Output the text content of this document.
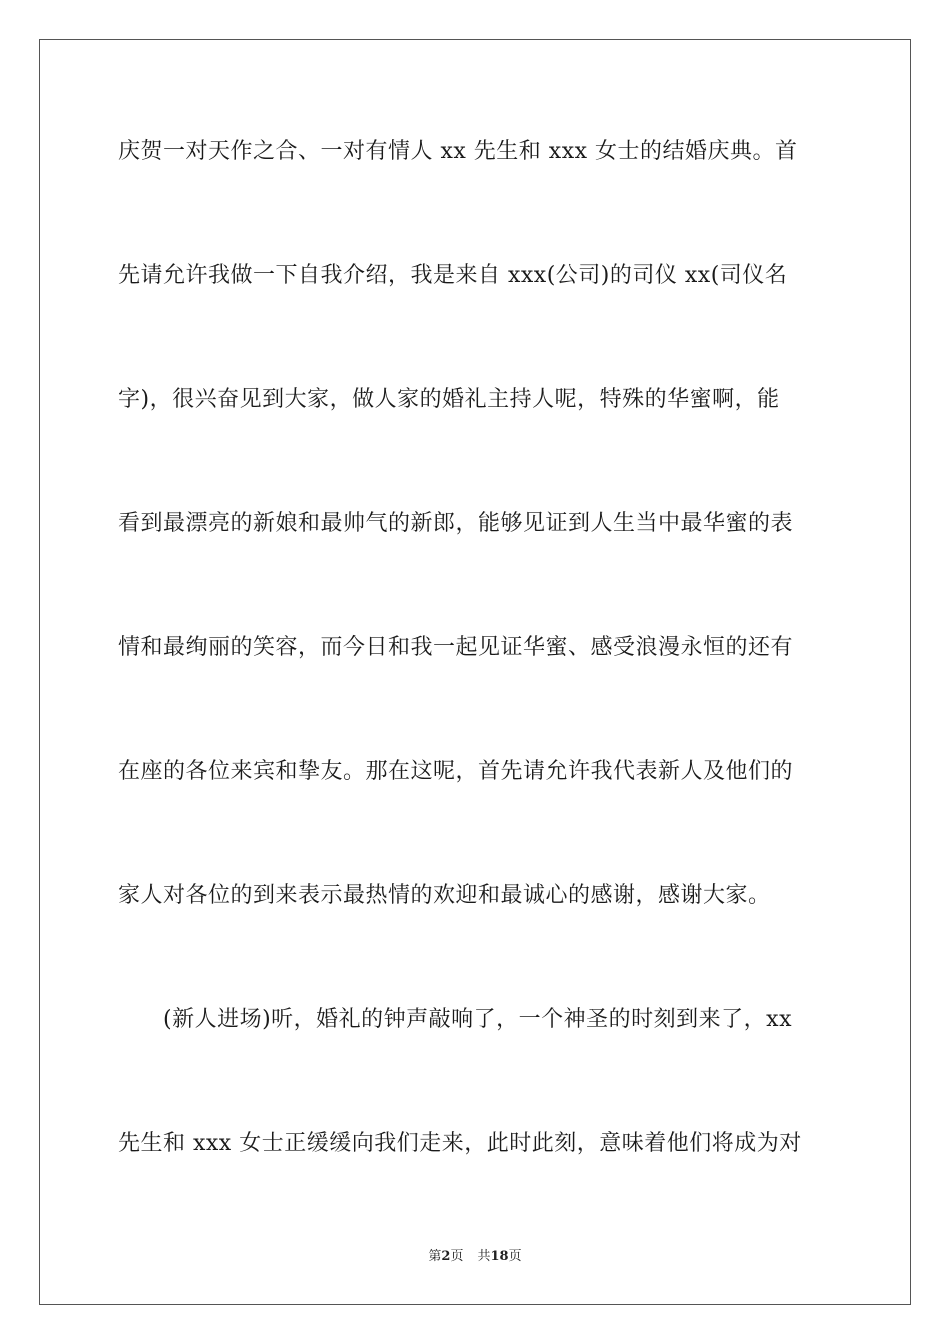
庆贺一对天作之合、一对有情人 xx 先生和 xxx 女士的结婚庆典。首
先请允许我做一下自我介绍，我是来自 xxx(公司)的司仪 xx(司仪名
字)，很兴奋见到大家，做人家的婚礼主持人呢，特殊的华蜜啊，能
看到最漂亮的新娘和最帅气的新郎，能够见证到人生当中最华蜜的表
情和最绚丽的笑容，而今日和我一起见证华蜜、感受浪漫永恒的还有
在座的各位来宾和挚友。那在这呢，首先请允许我代表新人及他们的
家人对各位的到来表示最热情的欢迎和最诚心的感谢，感谢大家。
　　(新人进场)听，婚礼的钟声敲响了，一个神圣的时刻到来了，xx
先生和 xxx 女士正缓缓向我们走来，此时此刻，意味着他们将成为对
第2页 共18页
